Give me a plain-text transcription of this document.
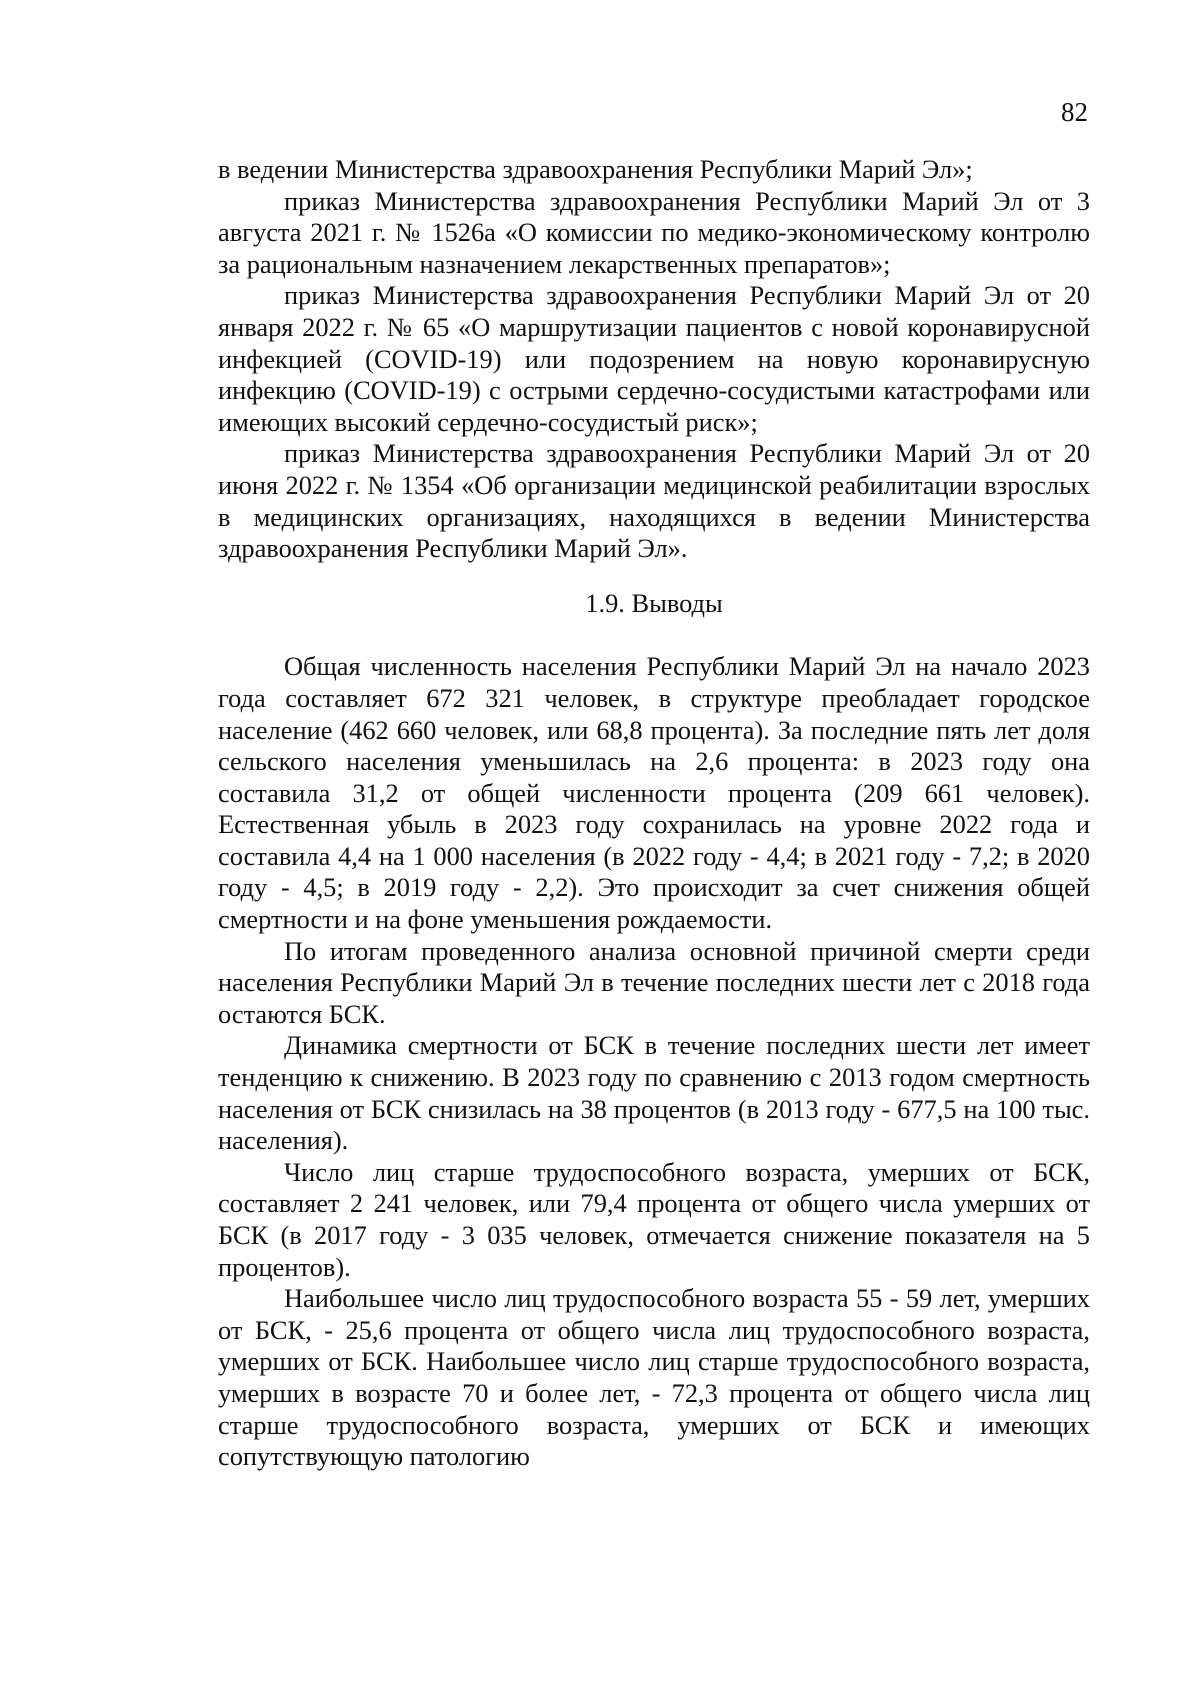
82

в ведении Министерства здравоохранения Республики Марий Эл»;

приказ Министерства здравоохранения Республики Марий Эл от 3 августа 2021 г. № 1526а «О комиссии по медико-экономическому контролю за рациональным назначением лекарственных препаратов»;

приказ Министерства здравоохранения Республики Марий Эл от 20 января 2022 г. № 65 «О маршрутизации пациентов с новой коронавирусной инфекцией (COVID-19) или подозрением на новую коронавирусную инфекцию (COVID-19) с острыми сердечно-сосудистыми катастрофами или имеющих высокий сердечно-сосудистый риск»;

приказ Министерства здравоохранения Республики Марий Эл от 20 июня 2022 г. № 1354 «Об организации медицинской реабилитации взрослых в медицинских организациях, находящихся в ведении Министерства здравоохранения Республики Марий Эл».

1.9. Выводы

Общая численность населения Республики Марий Эл на начало 2023 года составляет 672 321 человек, в структуре преобладает городское население (462 660 человек, или 68,8 процента). За последние пять лет доля сельского населения уменьшилась на 2,6 процента: в 2023 году она составила 31,2 от общей численности процента (209 661 человек). Естественная убыль в 2023 году сохранилась на уровне 2022 года и составила 4,4 на 1 000 населения (в 2022 году - 4,4; в 2021 году - 7,2; в 2020 году - 4,5; в 2019 году - 2,2). Это происходит за счет снижения общей смертности и на фоне уменьшения рождаемости.

По итогам проведенного анализа основной причиной смерти среди населения Республики Марий Эл в течение последних шести лет с 2018 года остаются БСК.

Динамика смертности от БСК в течение последних шести лет имеет тенденцию к снижению. В 2023 году по сравнению с 2013 годом смертность населения от БСК снизилась на 38 процентов (в 2013 году - 677,5 на 100 тыс. населения).

Число лиц старше трудоспособного возраста, умерших от БСК, составляет 2 241 человек, или 79,4 процента от общего числа умерших от БСК (в 2017 году - 3 035 человек, отмечается снижение показателя на 5 процентов).

Наибольшее число лиц трудоспособного возраста 55 - 59 лет, умерших от БСК, - 25,6 процента от общего числа лиц трудоспособного возраста, умерших от БСК. Наибольшее число лиц старше трудоспособного возраста, умерших в возрасте 70 и более лет, - 72,3 процента от общего числа лиц старше трудоспособного возраста, умерших от БСК и имеющих сопутствующую патологию
